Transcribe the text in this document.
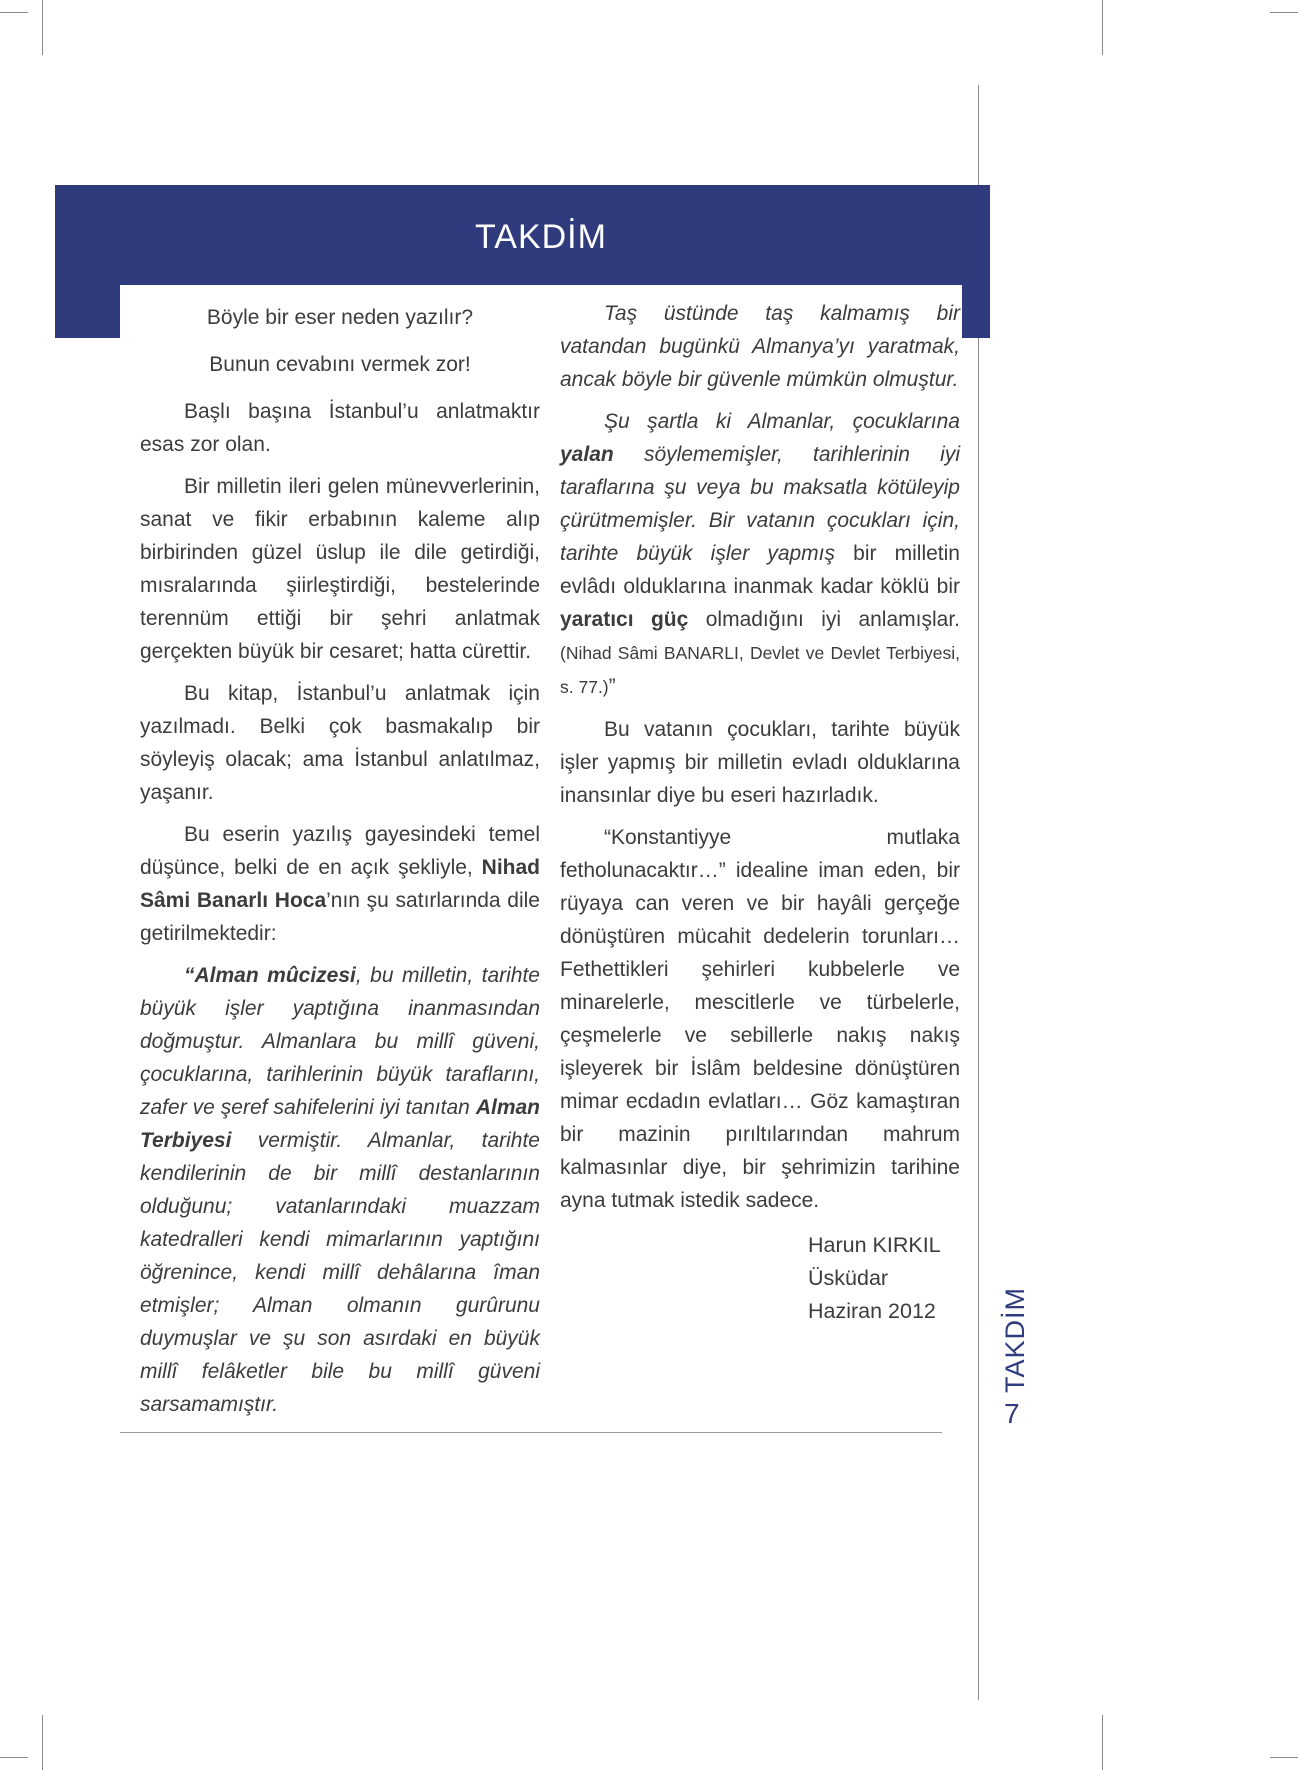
TAKDİM

Böyle bir eser neden yazılır?

Bunun cevabını vermek zor!

Başlı başına İstanbul’u anlatmaktır esas zor olan.

Bir milletin ileri gelen münevverlerinin, sanat ve fikir erbabının kaleme alıp birbirinden güzel üslup ile dile getirdiği, mısralarında şiirleştirdiği, bestelerinde terennüm ettiği bir şehri anlatmak gerçekten büyük bir cesaret; hatta cürettir.

Bu kitap, İstanbul’u anlatmak için yazılmadı. Belki çok basmakalıp bir söyleyiş olacak; ama İstanbul anlatılmaz, yaşanır.

Bu eserin yazılış gayesindeki temel düşünce, belki de en açık şekliyle, Nihad Sâmi Banarlı Hoca’nın şu satırlarında dile getirilmektedir:

“Alman mûcizesi, bu milletin, tarihte büyük işler yaptığına inanmasından doğmuştur. Almanlara bu millî güveni, çocuklarına, tarihlerinin büyük taraflarını, zafer ve şeref sahifelerini iyi tanıtan Alman Terbiyesi vermiştir. Almanlar, tarihte kendilerinin de bir millî destanlarının olduğunu; vatanlarındaki muazzam katedralleri kendi mimarlarının yaptığını öğrenince, kendi millî dehâlarına îman etmişler; Alman olmanın gurûrunu duymuşlar ve şu son asırdaki en büyük millî felâketler bile bu millî güveni sarsamamıştır.

Taş üstünde taş kalmamış bir vatandan bugünkü Almanya’yı yaratmak, ancak böyle bir güvenle mümkün olmuştur.

Şu şartla ki Almanlar, çocuklarına yalan söylememişler, tarihlerinin iyi taraflarına şu veya bu maksatla kötüleyip çürütmemişler. Bir vatanın çocukları için, tarihte büyük işler yapmış bir milletin evlâdı olduklarına inanmak kadar köklü bir yaratıcı güç olmadığını iyi anlamışlar. (Nihad Sâmi BANARLI, Devlet ve Devlet Terbiyesi, s. 77.)”

Bu vatanın çocukları, tarihte büyük işler yapmış bir milletin evladı olduklarına inansınlar diye bu eseri hazırladık.

“Konstantiyye mutlaka fetholunacaktır…” idealine iman eden, bir rüyaya can veren ve bir hayâli gerçeğe dönüştüren mücahit dedelerin torunları… Fethettikleri şehirleri kubbelerle ve minarelerle, mescitlerle ve türbelerle, çeşmelerle ve sebillerle nakış nakış işleyerek bir İslâm beldesine dönüştüren mimar ecdadın evlatları… Göz kamaştıran bir mazinin pırıltılarından mahrum kalmasınlar diye, bir şehrimizin tarihine ayna tutmak istedik sadece.

Harun KIRKIL
Üsküdar
Haziran 2012	TAKDİM
7
